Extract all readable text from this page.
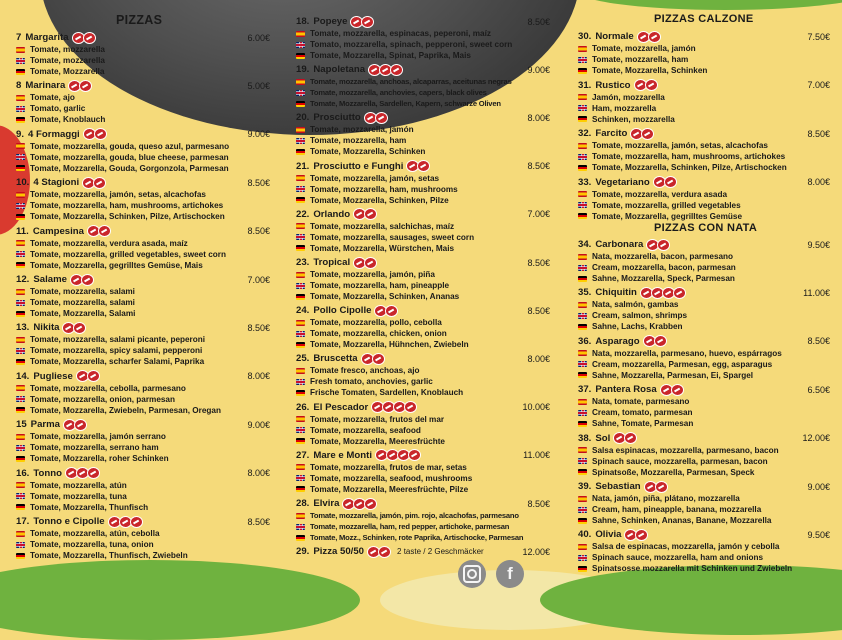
PIZZAS
7 Margarita	6.00€
Tomate, mozzarella
Tomate, mozzarella
Tomate, Mozzarella
8 Marinara	5.00€
Tomate, ajo
Tomato, garlic
Tomate, Knoblauch
9. 4 Formaggi	9.00€
Tomate, mozzarella, gouda, queso azul, parmesano
Tomate, mozzarella, gouda, blue cheese, parmesan
Tomate, Mozzarella, Gouda, Gorgonzola, Parmesan
10. 4 Stagioni	8.50€
Tomate, mozzarella, jamón, setas, alcachofas
Tomate, mozzarella, ham, mushrooms, artichokes
Tomate, Mozzarella, Schinken, Pilze, Artischocken
11. Campesina	8.50€
Tomate, mozzarella, verdura asada, maíz
Tomate, mozzarella, grilled vegetables, sweet corn
Tomate, Mozzarella, gegrilltes Gemüse, Mais
12. Salame	7.00€
Tomate, mozzarella, salami
Tomate, mozzarella, salami
Tomate, Mozzarella, Salami
13. Nikita	8.50€
Tomate, mozzarella, salami picante, peperoni
Tomate, mozzarella, spicy salami, pepperoni
Tomate, Mozzarella, scharfer Salami, Paprika
14. Pugliese	8.00€
Tomate, mozzarella, cebolla, parmesano
Tomate, mozzarella, onion, parmesan
Tomate, Mozzarella, Zwiebeln, Parmesan, Oregan
15 Parma	9.00€
Tomate, mozzarella, jamón serrano
Tomate, mozzarella, serrano ham
Tomate, Mozzarella, roher Schinken
16. Tonno	8.00€
Tomate, mozzarella, atún
Tomate, mozzarella, tuna
Tomate, Mozzarella, Thunfisch
17. Tonno e Cipolle	8.50€
Tomate, mozzarella, atún, cebolla
Tomate, mozzarella, tuna, onion
Tomate, Mozzarella, Thunfisch, Zwiebeln
18. Popeye	8.50€
Tomate, mozzarella, espinacas, peperoni, maíz
Tomato, mozzarella, spinach, pepperoni, sweet corn
Tomate, Mozzarella, Spinat, Paprika, Mais
19. Napoletana	9.00€
Tomate, mozzarella, anchoas, alcaparras, aceitunas negras
Tomate, mozzarella, anchovies, capers, black olives
Tomate, Mozzarella, Sardellen, Kapern, schwarze Oliven
20. Prosciutto	8.00€
Tomate, mozzarella, jamón
Tomate, mozzarella, ham
Tomate, Mozzarella, Schinken
21. Prosciutto e Funghi	8.50€
Tomate, mozzarella, jamón, setas
Tomate, mozzarella, ham, mushrooms
Tomate, Mozzarella, Schinken, Pilze
22. Orlando	7.00€
Tomate, mozzarella, salchichas, maíz
Tomate, mozzarella, sausages, sweet corn
Tomate, Mozzarella, Würstchen, Mais
23. Tropical	8.50€
Tomate, mozzarella, jamón, piña
Tomate, mozzarella, ham, pineapple
Tomate, Mozzarella, Schinken, Ananas
24. Pollo Cipolle	8.50€
Tomate, mozzarella, pollo, cebolla
Tomate, mozzarella, chicken, onion
Tomate, Mozzarella, Hühnchen, Zwiebeln
25. Bruscetta	8.00€
Tomate fresco, anchoas, ajo
Fresh tomato, anchovies, garlic
Frische Tomaten, Sardellen, Knoblauch
26. El Pescador	10.00€
Tomate, mozzarella, frutos del mar
Tomate, mozzarella, seafood
Tomate, Mozzarella, Meeresfrüchte
27. Mare e Monti	11.00€
Tomate, mozzarella, frutos de mar, setas
Tomate, mozzarella, seafood, mushrooms
Tomate, Mozzarella, Meeresfrüchte, Pilze
28. Elvira	8.50€
Tomate, mozzarella, jamón, pim. rojo, alcachofas, parmesano
Tomate, mozzarella, ham, red pepper, artichoke, parmesan
Tomate, Mozz., Schinken, rote Paprika, Artischocke, Parmesan
29. Pizza 50/50	2 taste / 2 Geschmäcker	12.00€
PIZZAS CALZONE
PIZZAS CON NATA
30. Normale	7.50€
Tomate, mozzarella, jamón
Tomate, mozzarella, ham
Tomate, Mozzarella, Schinken
31. Rustico	7.00€
Jamón, mozzarella
Ham, mozzarella
Schinken, mozzarella
32. Farcito	8.50€
Tomate, mozzarella, jamón, setas, alcachofas
Tomate, mozzarella, ham, mushrooms, artichokes
Tomate, Mozzarella, Schinken, Pilze, Artischocken
33. Vegetariano	8.00€
Tomate, mozzarella, verdura asada
Tomate, mozzarella, grilled vegetables
Tomate, Mozzarella, gegrilltes Gemüse
34. Carbonara	9.50€
Nata, mozzarella, bacon, parmesano
Cream, mozzarella, bacon, parmesan
Sahne, Mozzarella, Speck, Parmesan
35. Chiquitin	11.00€
Nata, salmón, gambas
Cream, salmon, shrimps
Sahne, Lachs, Krabben
36. Asparago	8.50€
Nata, mozzarella, parmesano, huevo, espárragos
Cream, mozzarella, Parmesan, egg, asparagus
Sahne, Mozzarella, Parmesan, Ei, Spargel
37. Pantera Rosa	6.50€
Nata, tomate, parmesano
Cream, tomato, parmesan
Sahne, Tomate, Parmesan
38. Sol	12.00€
Salsa espinacas, mozzarella, parmesano, bacon
Spinach sauce, mozzarella, parmesan, bacon
Spinatsoße, Mozzarella, Parmesan, Speck
39. Sebastian	9.00€
Nata, jamón, piña, plátano, mozzarella
Cream, ham, pineapple, banana, mozzarella
Sahne, Schinken, Ananas, Banane, Mozzarella
40. Olivia	9.50€
Salsa de espinacas, mozzarella, jamón y cebolla
Spinach sauce, mozzarella, ham and onions
Spinatsosse mozzarella mit Schinken und Zwiebeln
f
